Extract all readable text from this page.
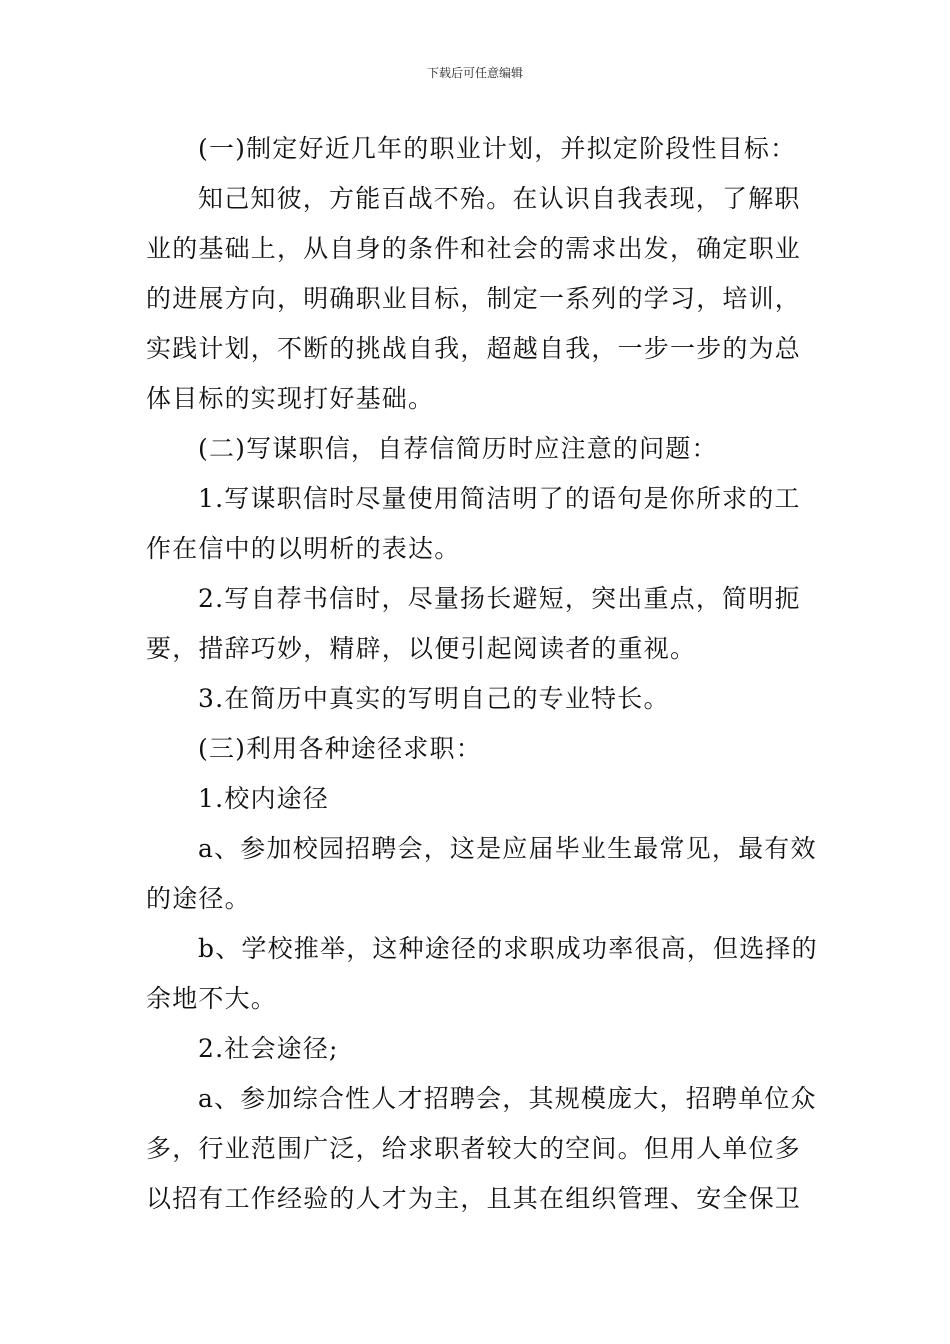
下载后可任意编辑
(一)制定好近几年的职业计划，并拟定阶段性目标：
知己知彼，方能百战不殆。在认识自我表现，了解职
业的基础上，从自身的条件和社会的需求出发，确定职业
的进展方向，明确职业目标，制定一系列的学习，培训，
实践计划，不断的挑战自我，超越自我，一步一步的为总
体目标的实现打好基础。
(二)写谋职信，自荐信简历时应注意的问题：
1.写谋职信时尽量使用简洁明了的语句是你所求的工
作在信中的以明析的表达。
2.写自荐书信时，尽量扬长避短，突出重点，简明扼
要，措辞巧妙，精辟，以便引起阅读者的重视。
3.在简历中真实的写明自己的专业特长。
(三)利用各种途径求职：
1.校内途径
a、参加校园招聘会，这是应届毕业生最常见，最有效
的途径。
b、学校推举，这种途径的求职成功率很高，但选择的
余地不大。
2.社会途径;
a、参加综合性人才招聘会，其规模庞大，招聘单位众
多，行业范围广泛，给求职者较大的空间。但用人单位多
以招有工作经验的人才为主，且其在组织管理、安全保卫
